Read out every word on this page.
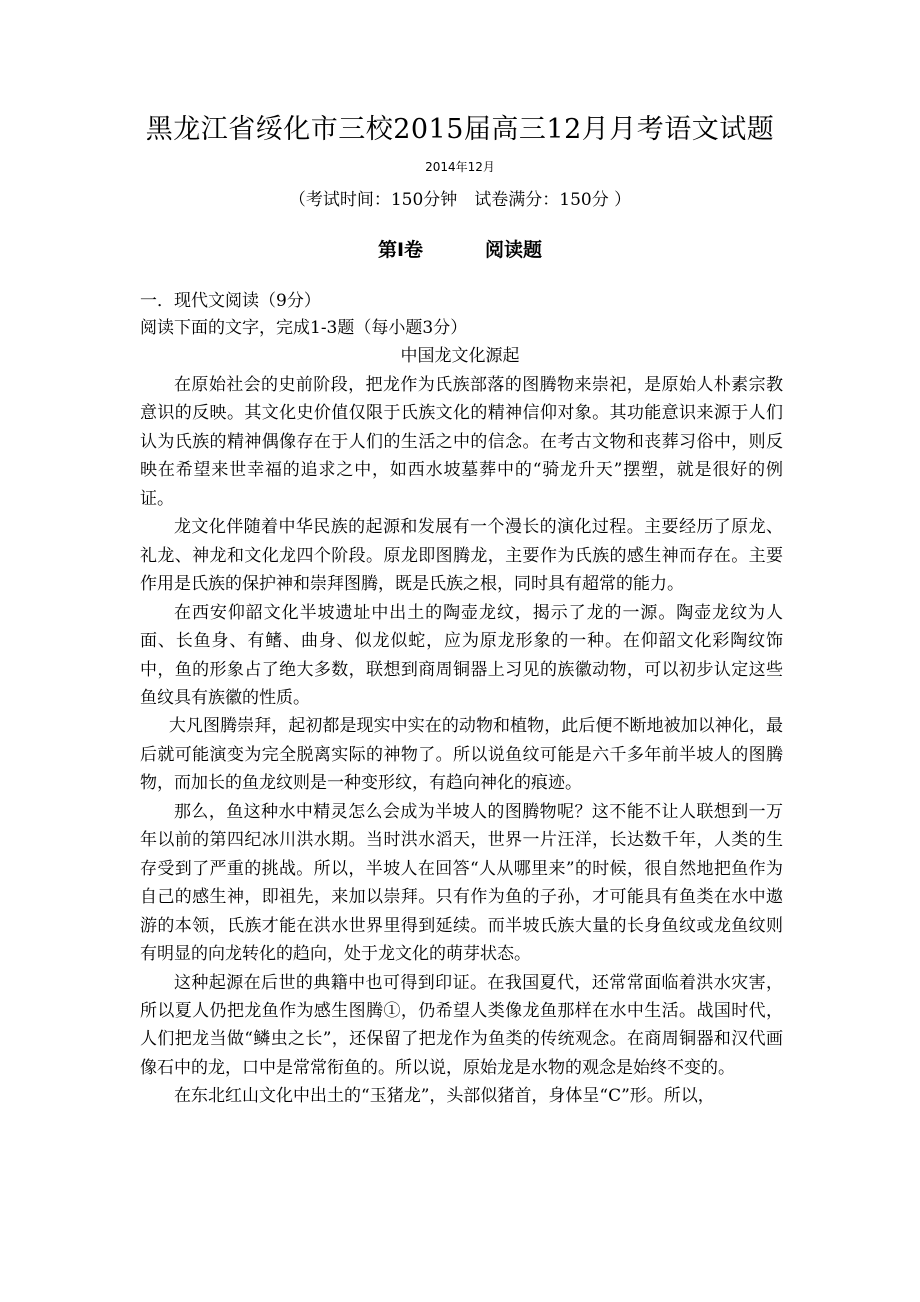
黑龙江省绥化市三校2015届高三12月月考语文试题
2014年12月
（考试时间：150分钟　试卷满分：150分 ）
第Ⅰ卷	阅读题
一．现代文阅读（9分）
阅读下面的文字，完成1-3题（每小题3分）
中国龙文化源起

在原始社会的史前阶段，把龙作为氏族部落的图腾物来崇祀，是原始人朴素宗教意识的反映。其文化史价值仅限于氏族文化的精神信仰对象。其功能意识来源于人们认为氏族的精神偶像存在于人们的生活之中的信念。在考古文物和丧葬习俗中，则反映在希望来世幸福的追求之中，如西水坡墓葬中的“骑龙升天”摆塑，就是很好的例证。

龙文化伴随着中华民族的起源和发展有一个漫长的演化过程。主要经历了原龙、礼龙、神龙和文化龙四个阶段。原龙即图腾龙，主要作为氏族的感生神而存在。主要作用是氏族的保护神和崇拜图腾，既是氏族之根，同时具有超常的能力。

在西安仰韶文化半坡遗址中出土的陶壶龙纹，揭示了龙的一源。陶壶龙纹为人面、长鱼身、有鳍、曲身、似龙似蛇，应为原龙形象的一种。在仰韶文化彩陶纹饰中，鱼的形象占了绝大多数，联想到商周铜器上习见的族徽动物，可以初步认定这些鱼纹具有族徽的性质。

大凡图腾崇拜，起初都是现实中实在的动物和植物，此后便不断地被加以神化，最后就可能演变为完全脱离实际的神物了。所以说鱼纹可能是六千多年前半坡人的图腾物，而加长的鱼龙纹则是一种变形纹，有趋向神化的痕迹。

那么，鱼这种水中精灵怎么会成为半坡人的图腾物呢？这不能不让人联想到一万年以前的第四纪冰川洪水期。当时洪水滔天，世界一片汪洋，长达数千年，人类的生存受到了严重的挑战。所以，半坡人在回答“人从哪里来”的时候，很自然地把鱼作为自己的感生神，即祖先，来加以崇拜。只有作为鱼的子孙，才可能具有鱼类在水中遨游的本领，氏族才能在洪水世界里得到延续。而半坡氏族大量的长身鱼纹或龙鱼纹则有明显的向龙转化的趋向，处于龙文化的萌芽状态。

这种起源在后世的典籍中也可得到印证。在我国夏代，还常常面临着洪水灾害，所以夏人仍把龙鱼作为感生图腾①，仍希望人类像龙鱼那样在水中生活。战国时代，人们把龙当做“鳞虫之长”，还保留了把龙作为鱼类的传统观念。在商周铜器和汉代画像石中的龙，口中是常常衔鱼的。所以说，原始龙是水物的观念是始终不变的。

在东北红山文化中出土的“玉猪龙”，头部似猪首，身体呈“C”形。所以，
